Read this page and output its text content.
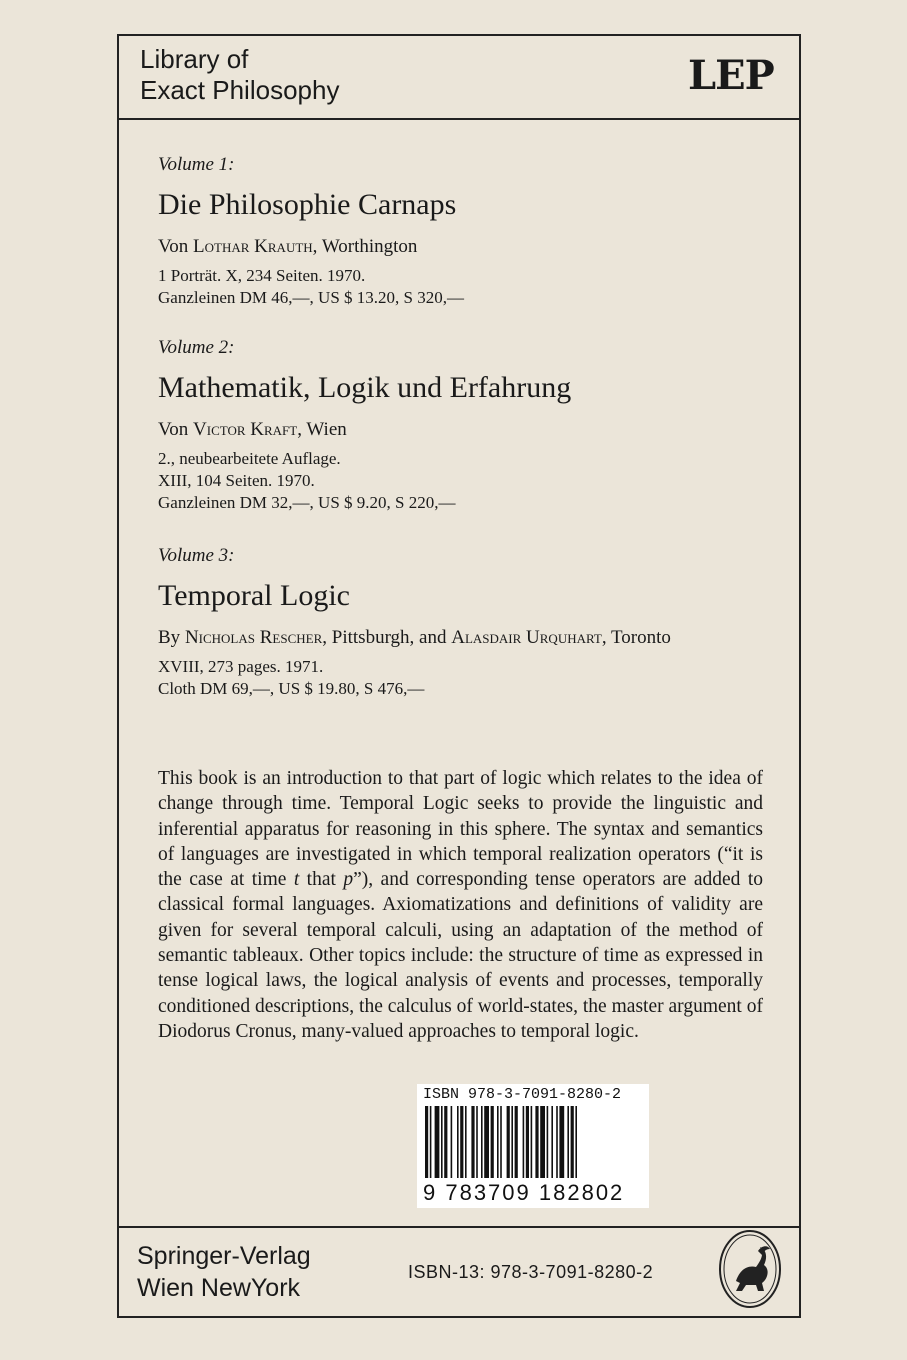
Library of
Exact Philosophy	LEP
Volume 1:
Die Philosophie Carnaps
Von Lothar Krauth, Worthington
1 Porträt. X, 234 Seiten. 1970.
Ganzleinen DM 46,—, US $ 13.20, S 320,—
Volume 2:
Mathematik, Logik und Erfahrung
Von Victor Kraft, Wien
2., neubearbeitete Auflage.
XIII, 104 Seiten. 1970.
Ganzleinen DM 32,—, US $ 9.20, S 220,—
Volume 3:
Temporal Logic
By Nicholas Rescher, Pittsburgh, and Alasdair Urquhart, Toronto
XVIII, 273 pages. 1971.
Cloth DM 69,—, US $ 19.80, S 476,—
This book is an introduction to that part of logic which relates to the idea of change through time. Temporal Logic seeks to provide the linguistic and inferential apparatus for reasoning in this sphere. The syntax and semantics of languages are investigated in which temporal realization operators (“it is the case at time t that p”), and corresponding tense operators are added to classical formal languages. Axiomatizations and definitions of validity are given for several temporal calculi, using an adaptation of the method of semantic tableaux. Other topics include: the structure of time as expressed in tense logical laws, the logical analysis of events and processes, temporally conditioned descriptions, the calculus of world-states, the master argument of Diodorus Cronus, many-valued approaches to temporal logic.
ISBN 978-3-7091-8280-2
9 783709 182802
Springer-Verlag
Wien NewYork
ISBN-13: 978-3-7091-8280-2
